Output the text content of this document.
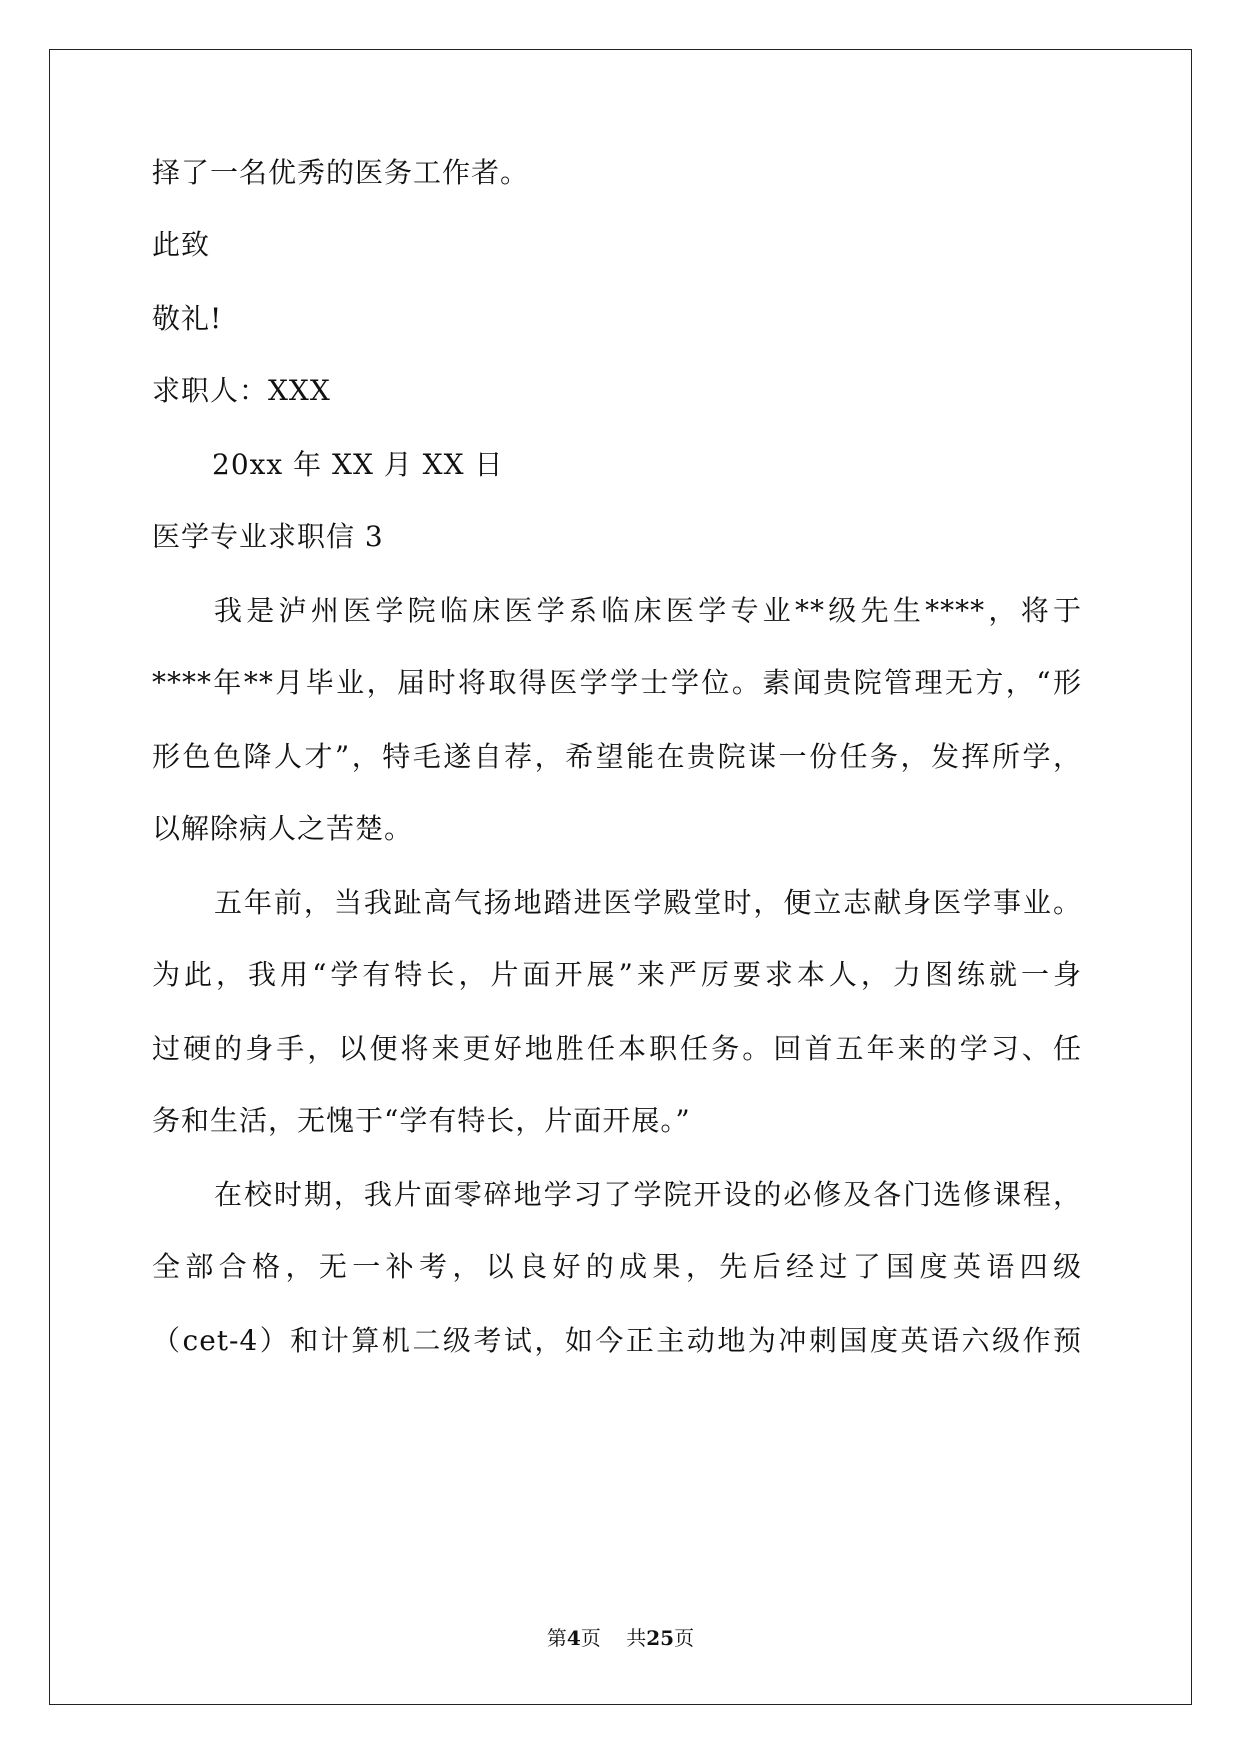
择了一名优秀的医务工作者。
此致
敬礼!
求职人：XXX
20xx 年 XX 月 XX 日
医学专业求职信 3
我是泸州医学院临床医学系临床医学专业**级先生****，将于
****年**月毕业，届时将取得医学学士学位。素闻贵院管理无方，“形
形色色降人才”，特毛遂自荐，希望能在贵院谋一份任务，发挥所学，
以解除病人之苦楚。
五年前，当我趾高气扬地踏进医学殿堂时，便立志献身医学事业。
为此，我用“学有特长，片面开展”来严厉要求本人，力图练就一身
过硬的身手，以便将来更好地胜任本职任务。回首五年来的学习、任
务和生活，无愧于“学有特长，片面开展。”
在校时期，我片面零碎地学习了学院开设的必修及各门选修课程，
全部合格，无一补考，以良好的成果，先后经过了国度英语四级
（cet-4）和计算机二级考试，如今正主动地为冲刺国度英语六级作预
第4页    共25页
